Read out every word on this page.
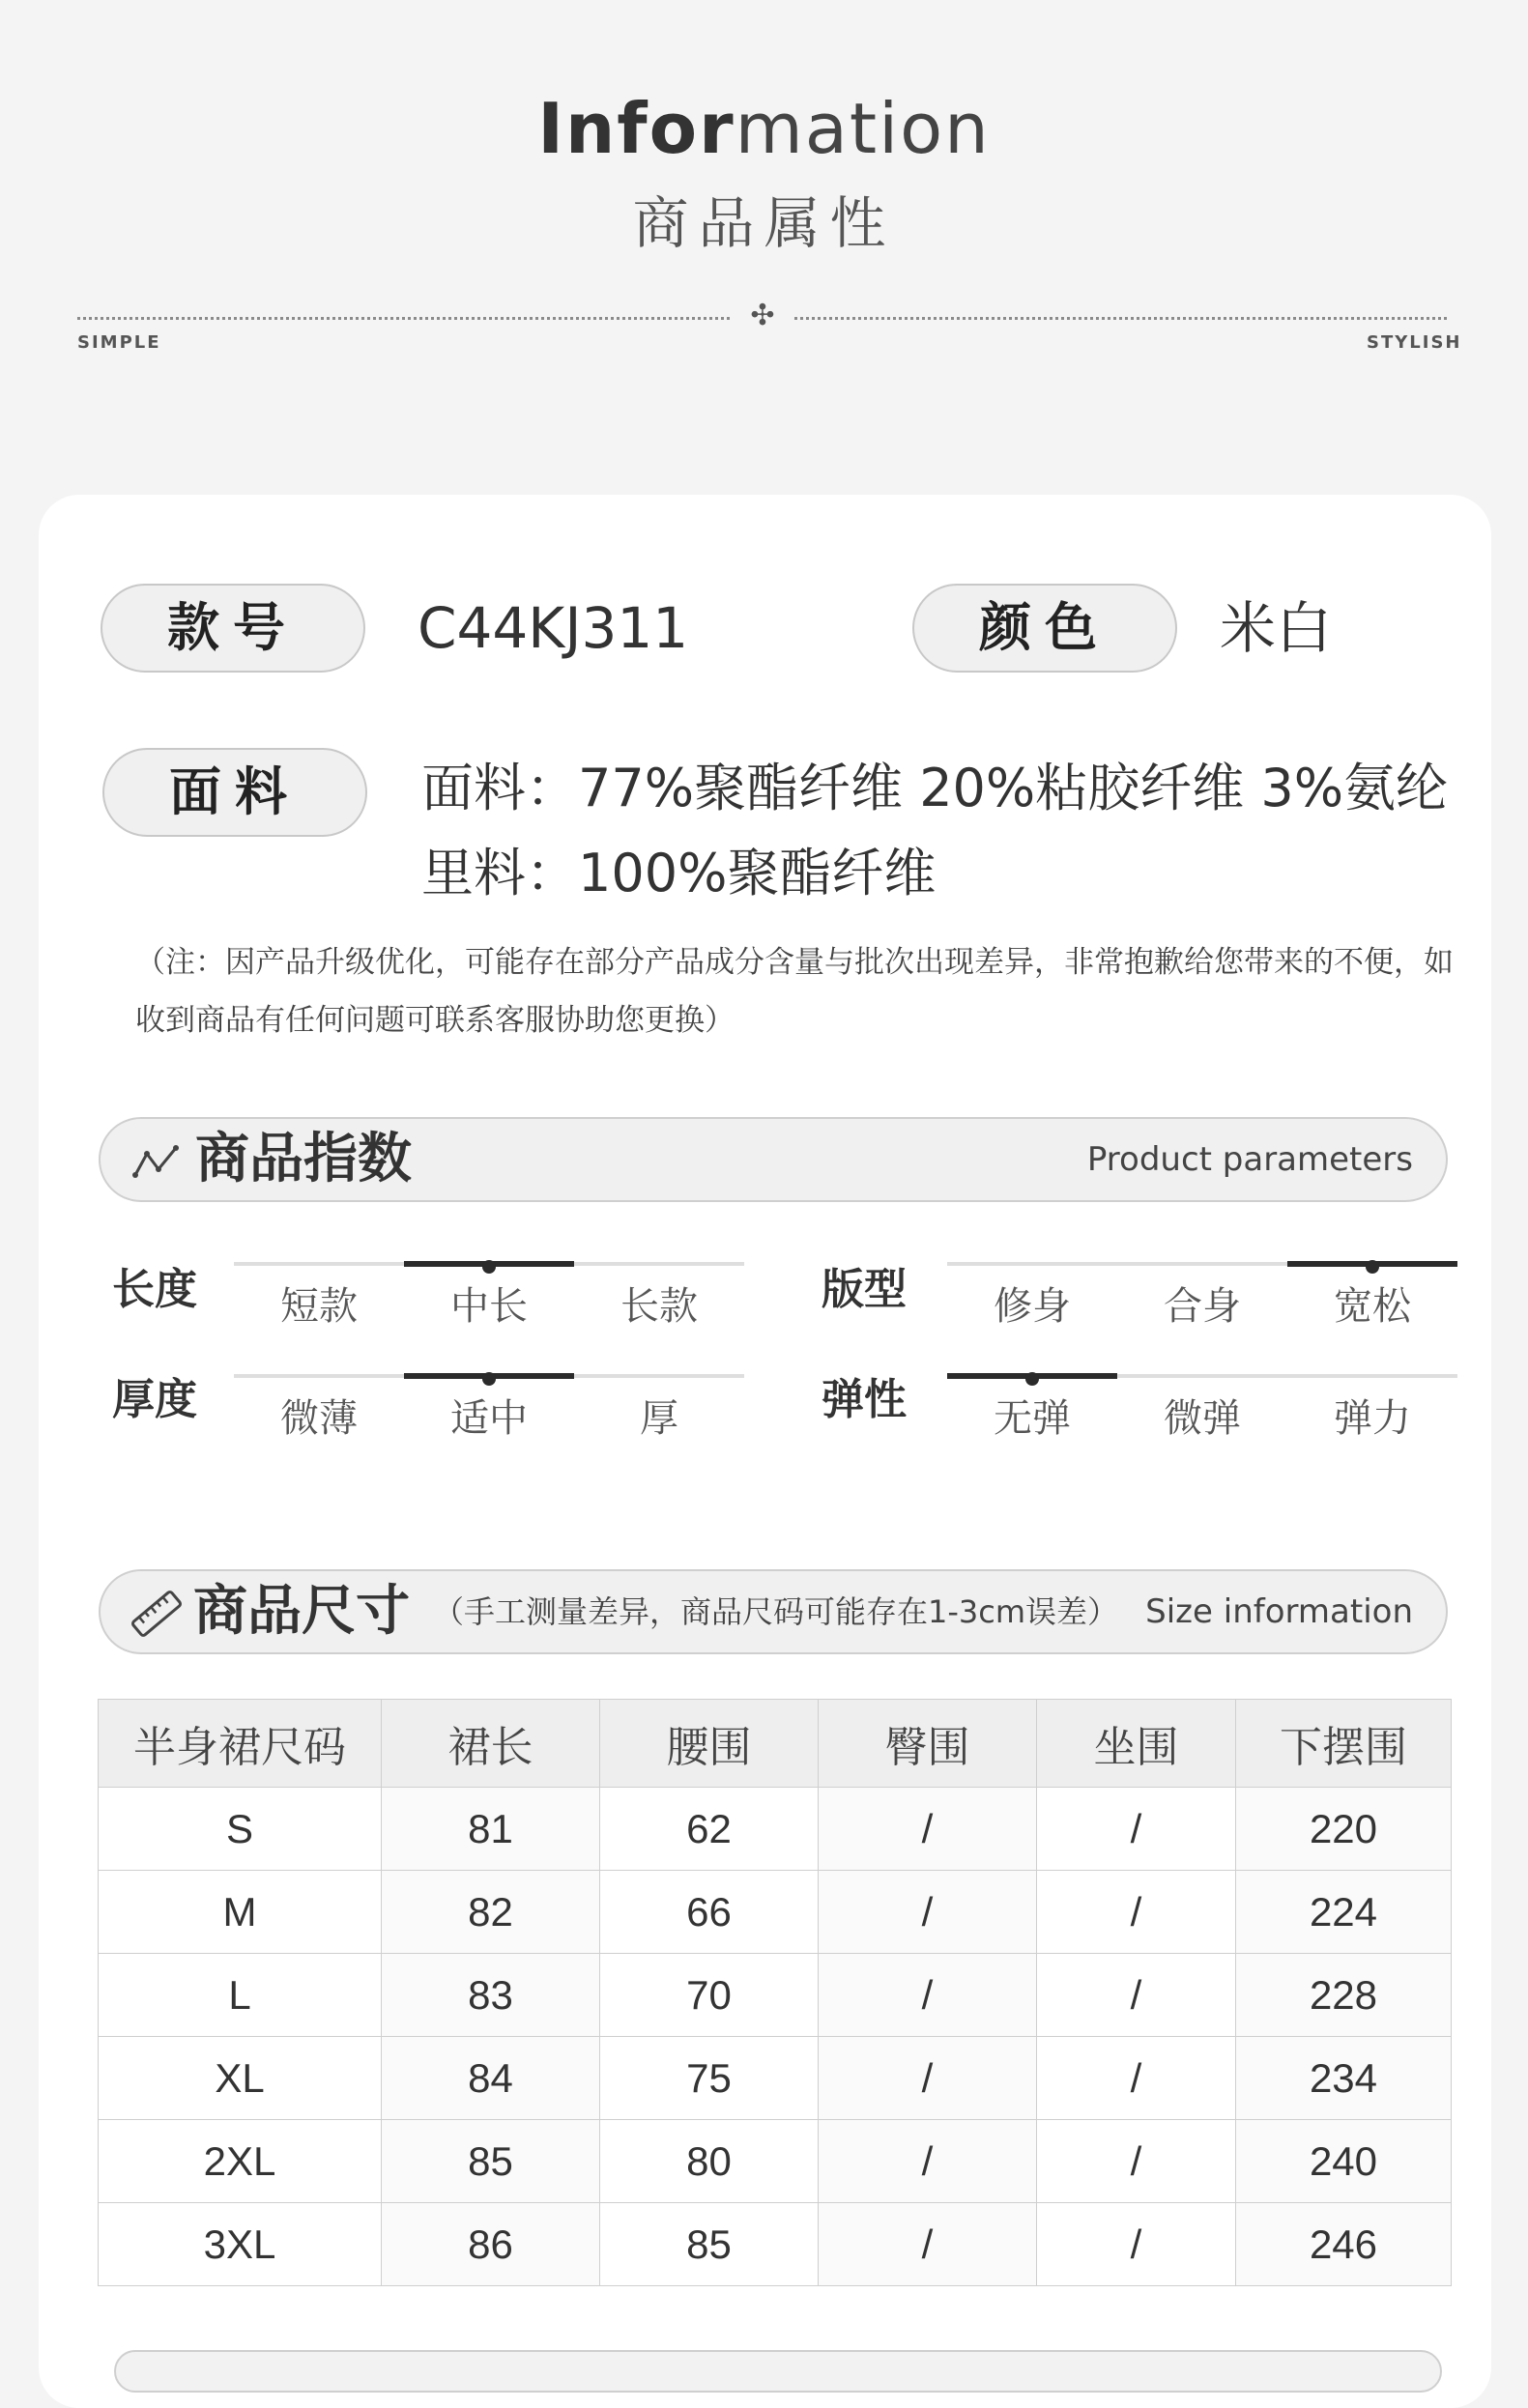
Information
商品属性
✣
SIMPLE	STYLISH
款号	C44KJ311	颜色	米白
面料	面料：77%聚酯纤维 20%粘胶纤维 3%氨纶
里料：100%聚酯纤维
（注：因产品升级优化，可能存在部分产品成分含量与批次出现差异，非常抱歉给您带来的不便，如收到商品有任何问题可联系客服协助您更换）
商品指数	Product parameters
长度	短款	中长	长款	版型	修身	合身	宽松
厚度	微薄	适中	厚	弹性	无弹	微弹	弹力
商品尺寸 （手工测量差异，商品尺码可能存在1-3cm误差） Size information
半身裙尺码	裙长	腰围	臀围	坐围	下摆围
S	81	62	/	/	220
M	82	66	/	/	224
L	83	70	/	/	228
XL	84	75	/	/	234
2XL	85	80	/	/	240
3XL	86	85	/	/	246
